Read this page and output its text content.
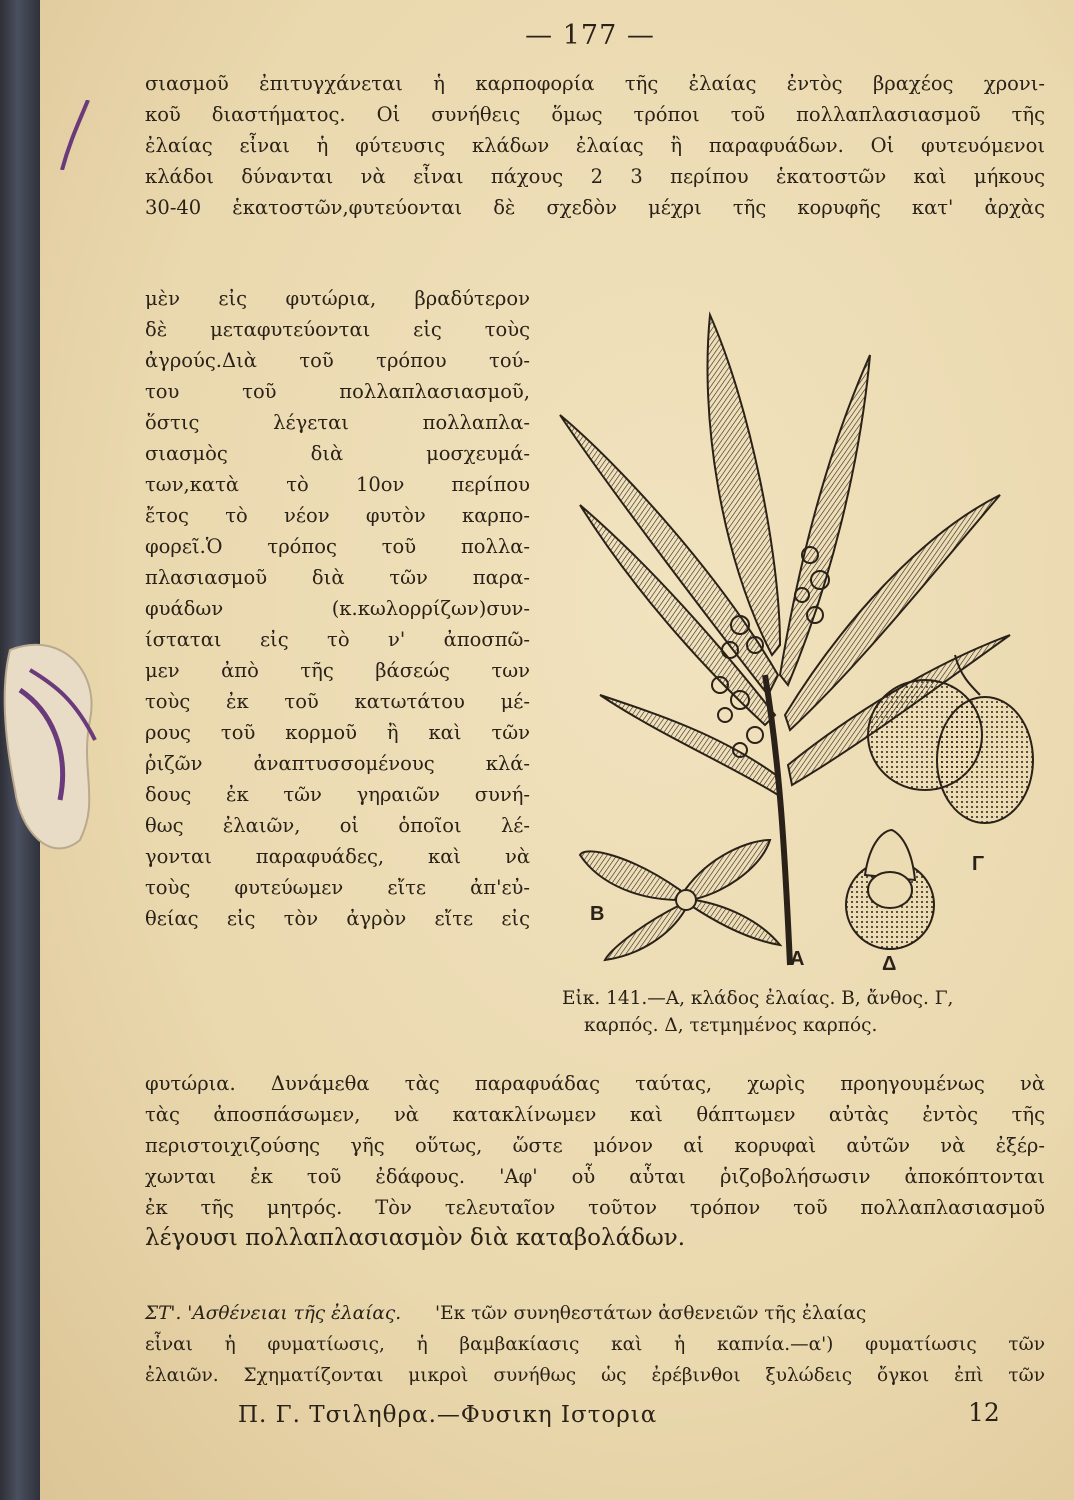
— 177 —
σιασμοῦ ἐπιτυγχάνεται ἡ καρποφορία τῆς ἐλαίας ἐντὸς βραχέος χρονι-
κοῦ διαστήματος. Οἱ συνήθεις ὅμως τρόποι τοῦ πολλαπλασιασμοῦ τῆς
ἐλαίας εἶναι ἡ φύτευσις κλάδων ἐλαίας ἢ παραφυάδων. Οἱ φυτευόμενοι
κλάδοι δύνανται νὰ εἶναι πάχους 2 3 περίπου ἑκατοστῶν καὶ μήκους
30-40 ἑκατοστῶν,φυτεύονται δὲ σχεδὸν μέχρι τῆς κορυφῆς κατ' ἀρχὰς
μὲν εἰς φυτώρια, βραδύτερον
δὲ μεταφυτεύονται εἰς τοὺς
ἀγρούς.Διὰ τοῦ τρόπου τού-
του τοῦ πολλαπλασιασμοῦ,
ὅστις λέγεται πολλαπλα-
σιασμὸς διὰ μοσχευμά-
των,κατὰ τὸ 10ον περίπου
ἔτος τὸ νέον φυτὸν καρπο-
φορεῖ.Ὁ τρόπος τοῦ πολλα-
πλασιασμοῦ διὰ τῶν παρα-
φυάδων (κ.κωλορρίζων)συν-
ίσταται εἰς τὸ ν' ἀποσπῶ-
μεν ἀπὸ τῆς βάσεώς των
τοὺς ἐκ τοῦ κατωτάτου μέ-
ρους τοῦ κορμοῦ ἢ καὶ τῶν
ῥιζῶν ἀναπτυσσομένους κλά-
δους ἐκ τῶν γηραιῶν συνή-
θως ἐλαιῶν, οἱ ὁποῖοι λέ-
γονται παραφυάδες, καὶ νὰ
τοὺς φυτεύωμεν εἴτε ἀπ'εὐ-
θείας εἰς τὸν ἀγρὸν εἴτε εἰς
Α
Β
Γ
Δ
Εἰκ. 141.—Α, κλάδος ἐλαίας. Β, ἄνθος. Γ,
καρπός. Δ, τετμημένος καρπός.
φυτώρια. Δυνάμεθα τὰς παραφυάδας ταύτας, χωρὶς προηγουμένως νὰ
τὰς ἀποσπάσωμεν, νὰ κατακλίνωμεν καὶ θάπτωμεν αὐτὰς ἐντὸς τῆς
περιστοιχιζούσης γῆς οὕτως, ὥστε μόνον αἱ κορυφαὶ αὐτῶν νὰ ἐξέρ-
χωνται ἐκ τοῦ ἐδάφους. 'Αφ' οὗ αὗται ῥιζοβολήσωσιν ἀποκόπτονται
ἐκ τῆς μητρός. Τὸν τελευταῖον τοῦτον τρόπον τοῦ πολλαπλασιασμοῦ
λέγουσι πολλαπλασιασμὸν διὰ καταβολάδων.
ΣΤ'. 'Ασθένειαι τῆς ἐλαίας. 'Εκ τῶν συνηθεστάτων ἀσθενειῶν τῆς ἐλαίας
εἶναι ἡ φυματίωσις, ἡ βαμβακίασις καὶ ἡ καπνία.—α') φυματίωσις τῶν
ἐλαιῶν. Σχηματίζονται μικροὶ συνήθως ὡς ἐρέβινθοι ξυλώδεις ὄγκοι ἐπὶ τῶν
Π. Γ. Τσιληθρα.—Φυσικη Ιστορια	12
